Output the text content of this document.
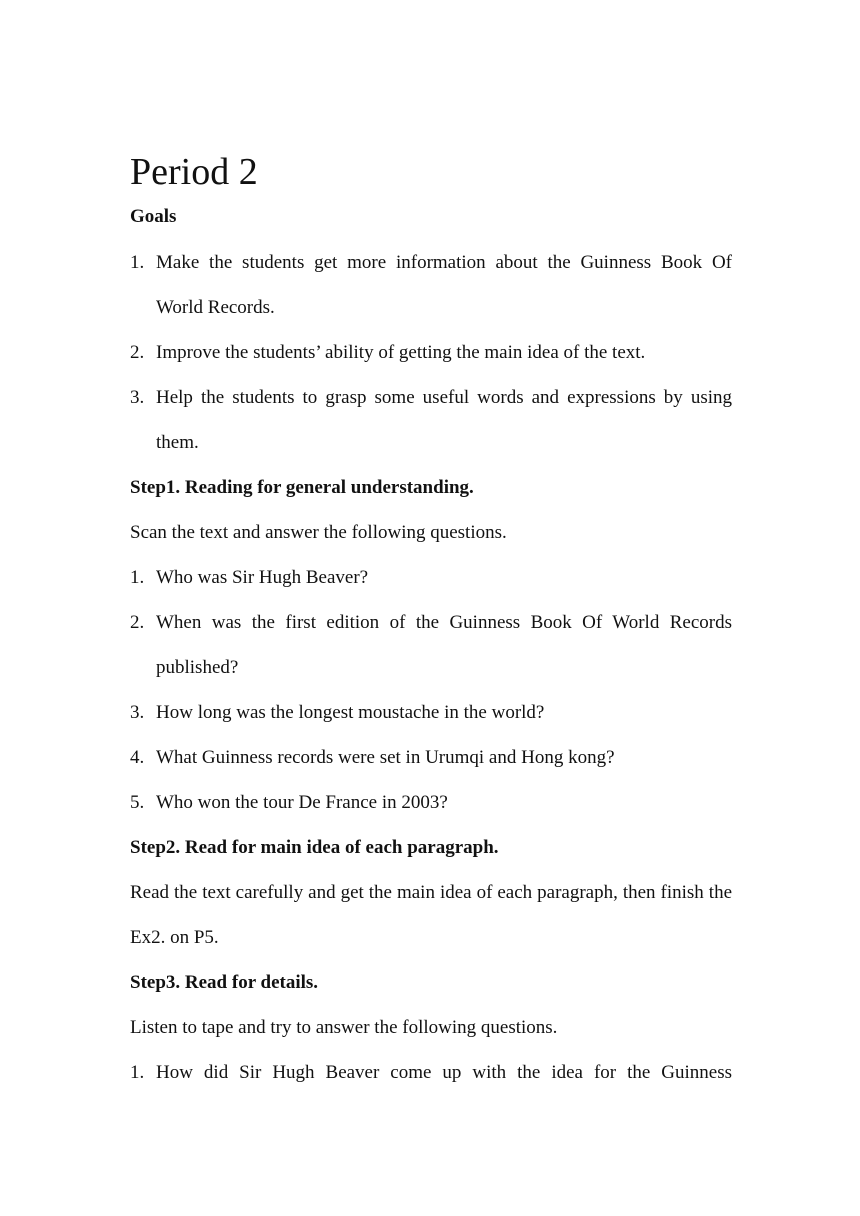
Period 2
Goals
1. Make the students get more information about the Guinness Book Of World Records.
2. Improve the students’ ability of getting the main idea of the text.
3. Help the students to grasp some useful words and expressions by using them.
Step1. Reading for general understanding.
Scan the text and answer the following questions.
1. Who was Sir Hugh Beaver?
2. When was the first edition of the Guinness Book Of World Records published?
3. How long was the longest moustache in the world?
4. What Guinness records were set in Urumqi and Hong kong?
5. Who won the tour De France in 2003?
Step2. Read for main idea of each paragraph.
Read the text carefully and get the main idea of each paragraph, then finish the Ex2. on P5.
Step3. Read for details.
Listen to tape and try to answer the following questions.
1. How did Sir Hugh Beaver come up with the idea for the Guinness
